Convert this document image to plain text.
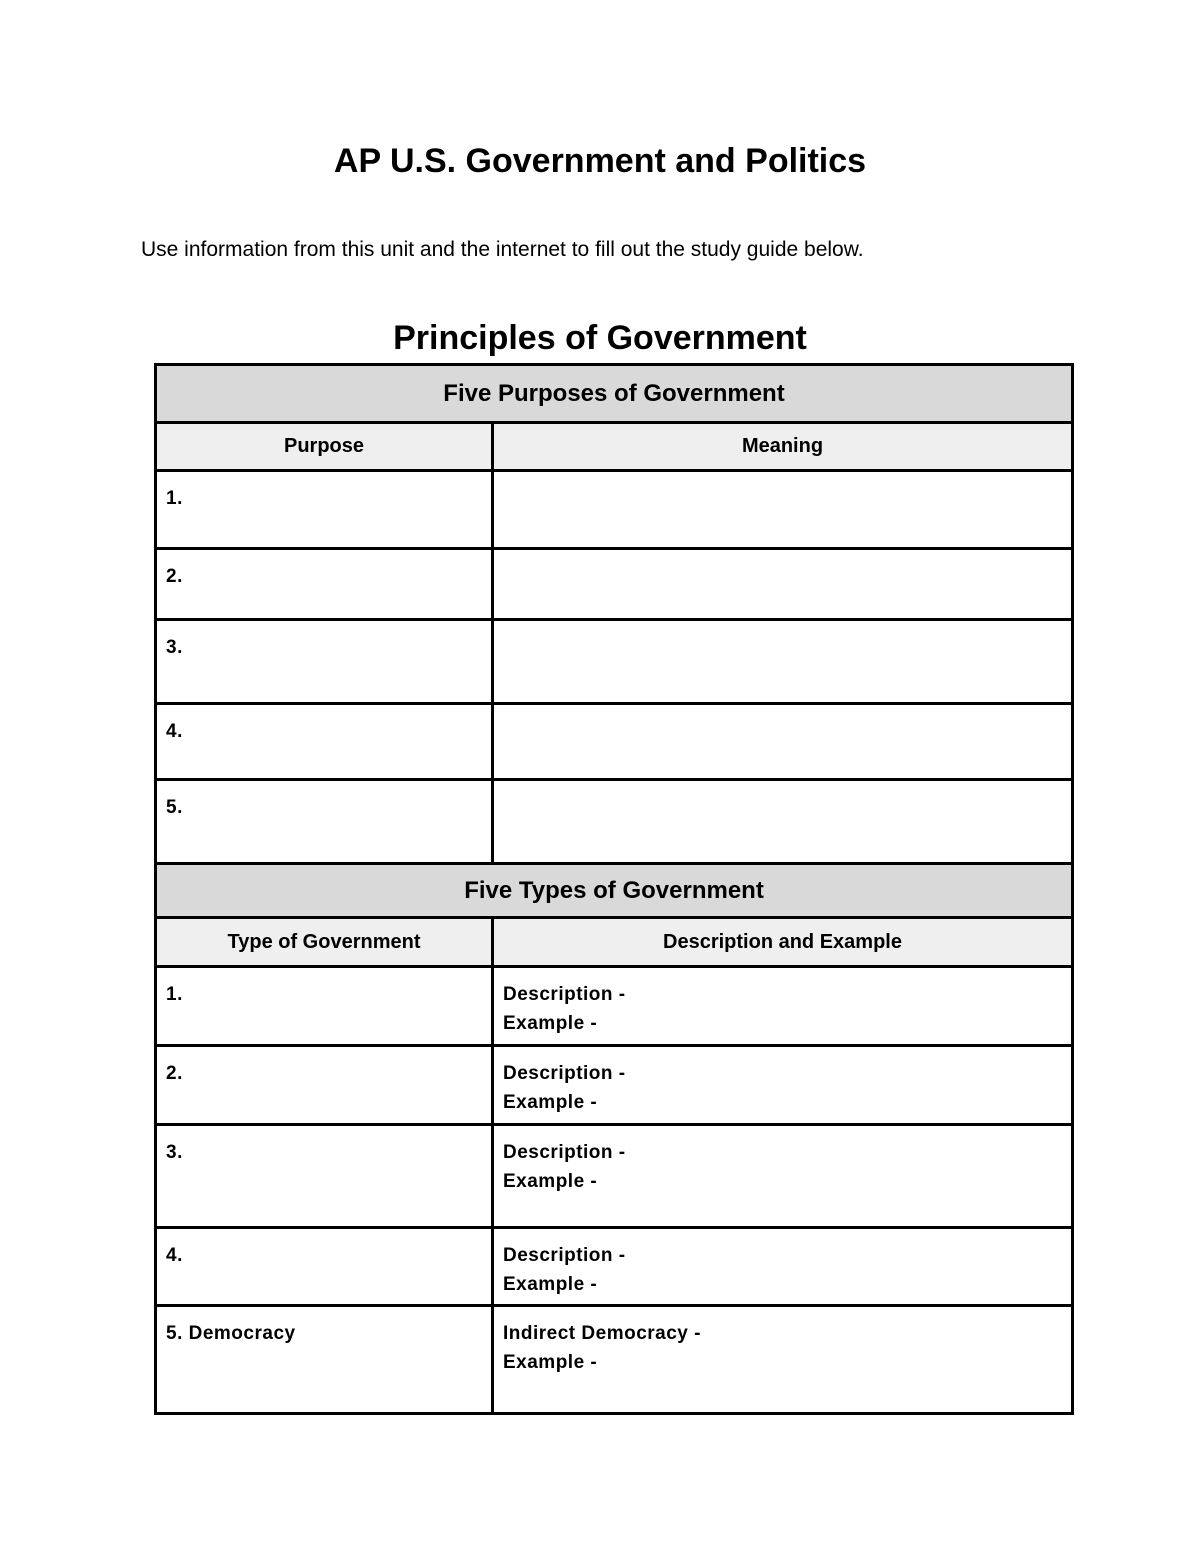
AP U.S. Government and Politics
Use information from this unit and the internet to fill out the study guide below.
Principles of Government
Five Purposes of Government	
Purpose	Meaning

1.	

2.	

3.	

4.	

5.	

Five Types of Government	
Type of Government	Description and Example

1.	Description -
Example -

2.	Description -
Example -

3.	Description -
Example -

4.	Description -
Example -

5. Democracy	Indirect Democracy -
Example -
